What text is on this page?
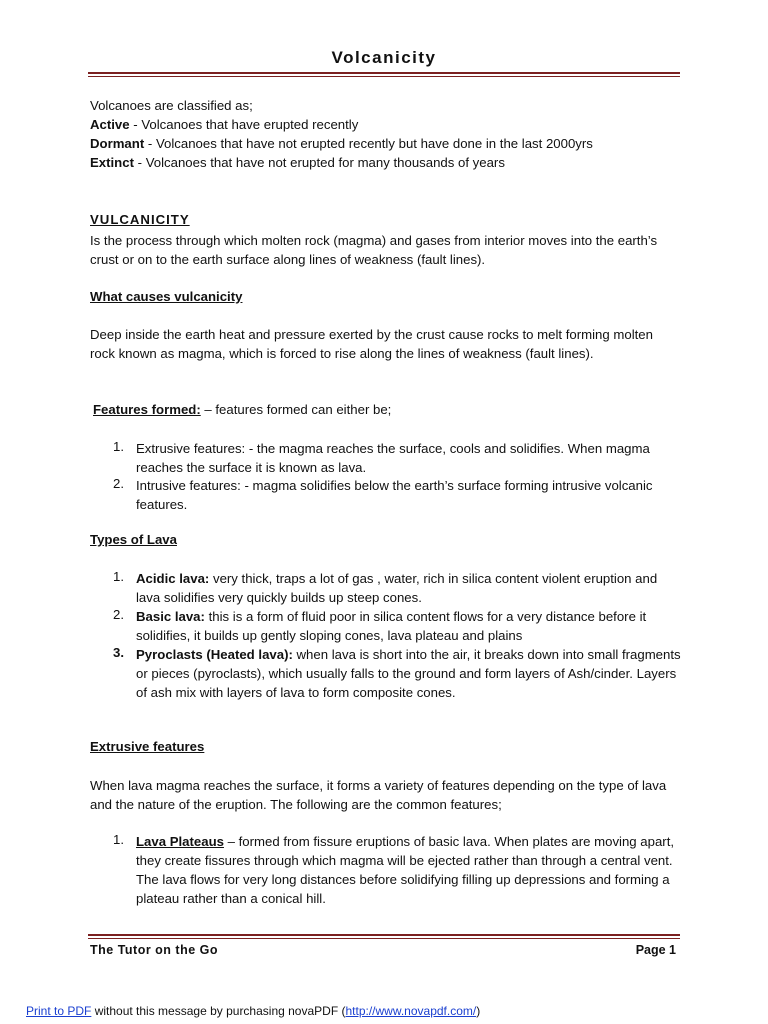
Volcanicity
Volcanoes are classified as;
Active - Volcanoes that have erupted recently
Dormant - Volcanoes that have not erupted recently but have done in the last 2000yrs
Extinct - Volcanoes that have not erupted for many thousands of years
VULCANICITY
Is the process through which molten rock (magma) and gases from interior moves into the earth’s crust or on to the earth surface along lines of weakness (fault lines).
What causes vulcanicity
Deep inside the earth heat and pressure exerted by the crust cause rocks to melt forming molten rock known as magma, which is forced to rise along the lines of weakness (fault lines).
Features formed: – features formed can either be;
1. Extrusive features: - the magma reaches the surface, cools and solidifies. When magma reaches the surface it is known as lava.
2. Intrusive features: - magma solidifies below the earth’s surface forming intrusive volcanic features.
Types of Lava
1. Acidic lava: very thick, traps a lot of gas , water, rich in silica content violent eruption and lava solidifies very quickly builds up steep cones.
2. Basic lava: this is a form of fluid poor in silica content flows for a very distance before it solidifies, it builds up gently sloping cones, lava plateau and plains
3. Pyroclasts (Heated lava): when lava is short into the air, it breaks down into small fragments or pieces (pyroclasts), which usually falls to the ground and form layers of Ash/cinder. Layers of ash mix with layers of lava to form composite cones.
Extrusive features
When lava magma reaches the surface, it forms a variety of features depending on the type of lava and the nature of the eruption. The following are the common features;
1. Lava Plateaus – formed from fissure eruptions of basic lava. When plates are moving apart, they create fissures through which magma will be ejected rather than through a central vent. The lava flows for very long distances before solidifying filling up depressions and forming a plateau rather than a conical hill.
The Tutor on the Go	Page 1
Print to PDF without this message by purchasing novaPDF (http://www.novapdf.com/)
